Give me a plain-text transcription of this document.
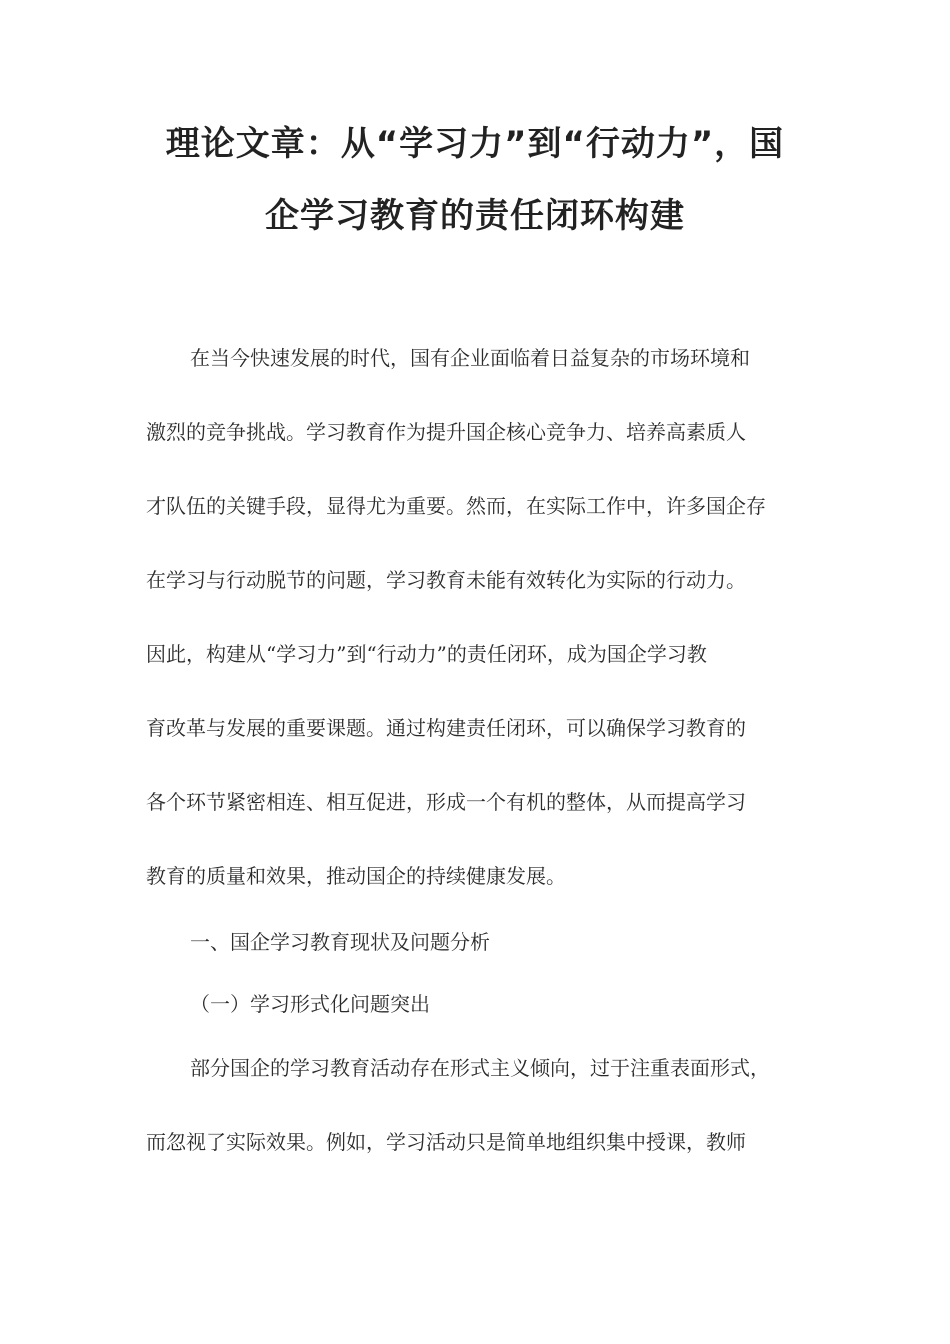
理论文章：从“学习力”到“行动力”，国
企学习教育的责任闭环构建
在当今快速发展的时代，国有企业面临着日益复杂的市场环境和
激烈的竞争挑战。学习教育作为提升国企核心竞争力、培养高素质人
才队伍的关键手段，显得尤为重要。然而，在实际工作中，许多国企存
在学习与行动脱节的问题，学习教育未能有效转化为实际的行动力。
因此，构建从“学习力”到“行动力”的责任闭环，成为国企学习教
育改革与发展的重要课题。通过构建责任闭环，可以确保学习教育的
各个环节紧密相连、相互促进，形成一个有机的整体，从而提高学习
教育的质量和效果，推动国企的持续健康发展。
一、国企学习教育现状及问题分析
（一）学习形式化问题突出
部分国企的学习教育活动存在形式主义倾向，过于注重表面形式，
而忽视了实际效果。例如，学习活动只是简单地组织集中授课，教师
